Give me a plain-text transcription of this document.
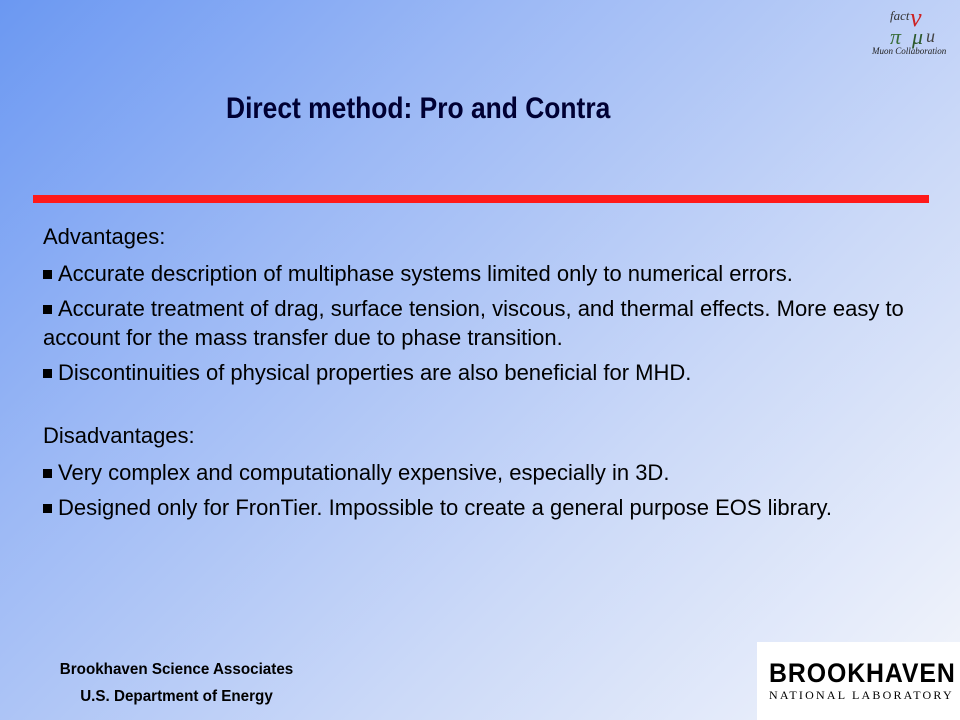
fact v
π μ u
Muon Collaboration
Direct method: Pro and Contra
Advantages:
Accurate description of multiphase systems limited only to numerical errors.
Accurate treatment of drag, surface tension, viscous, and thermal effects. More easy to account for the mass transfer due to phase transition.
Discontinuities of physical properties are also beneficial for MHD.
Disadvantages:
Very complex and computationally expensive, especially in 3D.
Designed only for FronTier. Impossible to create a general purpose EOS library.
Brookhaven Science Associates
U.S. Department of Energy
BROOKHAVEN
NATIONAL LABORATORY
